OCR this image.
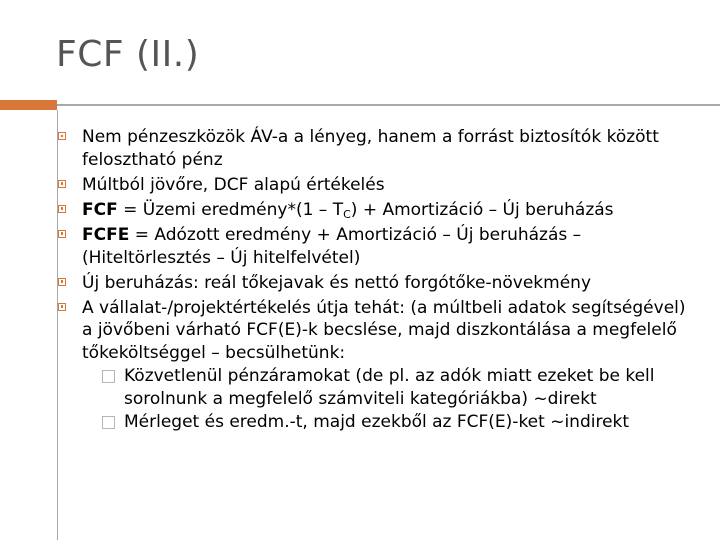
FCF (II.)
Nem pénzeszközök ÁV-a a lényeg, hanem a forrást biztosítók között felosztható pénz
Múltból jövőre, DCF alapú értékelés
FCF = Üzemi eredmény*(1 – $T_C$) + Amortizáció – Új beruházás
FCFE = Adózott eredmény + Amortizáció – Új beruházás – (Hiteltörlesztés – Új hitelfelvétel)
Új beruházás: reál tőkejavak és nettó forgótőke-növekmény
A vállalat-/projektértékelés útja tehát: (a múltbeli adatok segítségével) a jövőbeni várható FCF(E)-k becslése, majd diszkontálása a megfelelő tőkeköltséggel – becsülhetünk:
Közvetlenül pénzáramokat (de pl. az adók miatt ezeket be kell sorolnunk a megfelelő számviteli kategóriákba) ~direkt
Mérleget és eredm.-t, majd ezekből az FCF(E)-ket ~indirekt
